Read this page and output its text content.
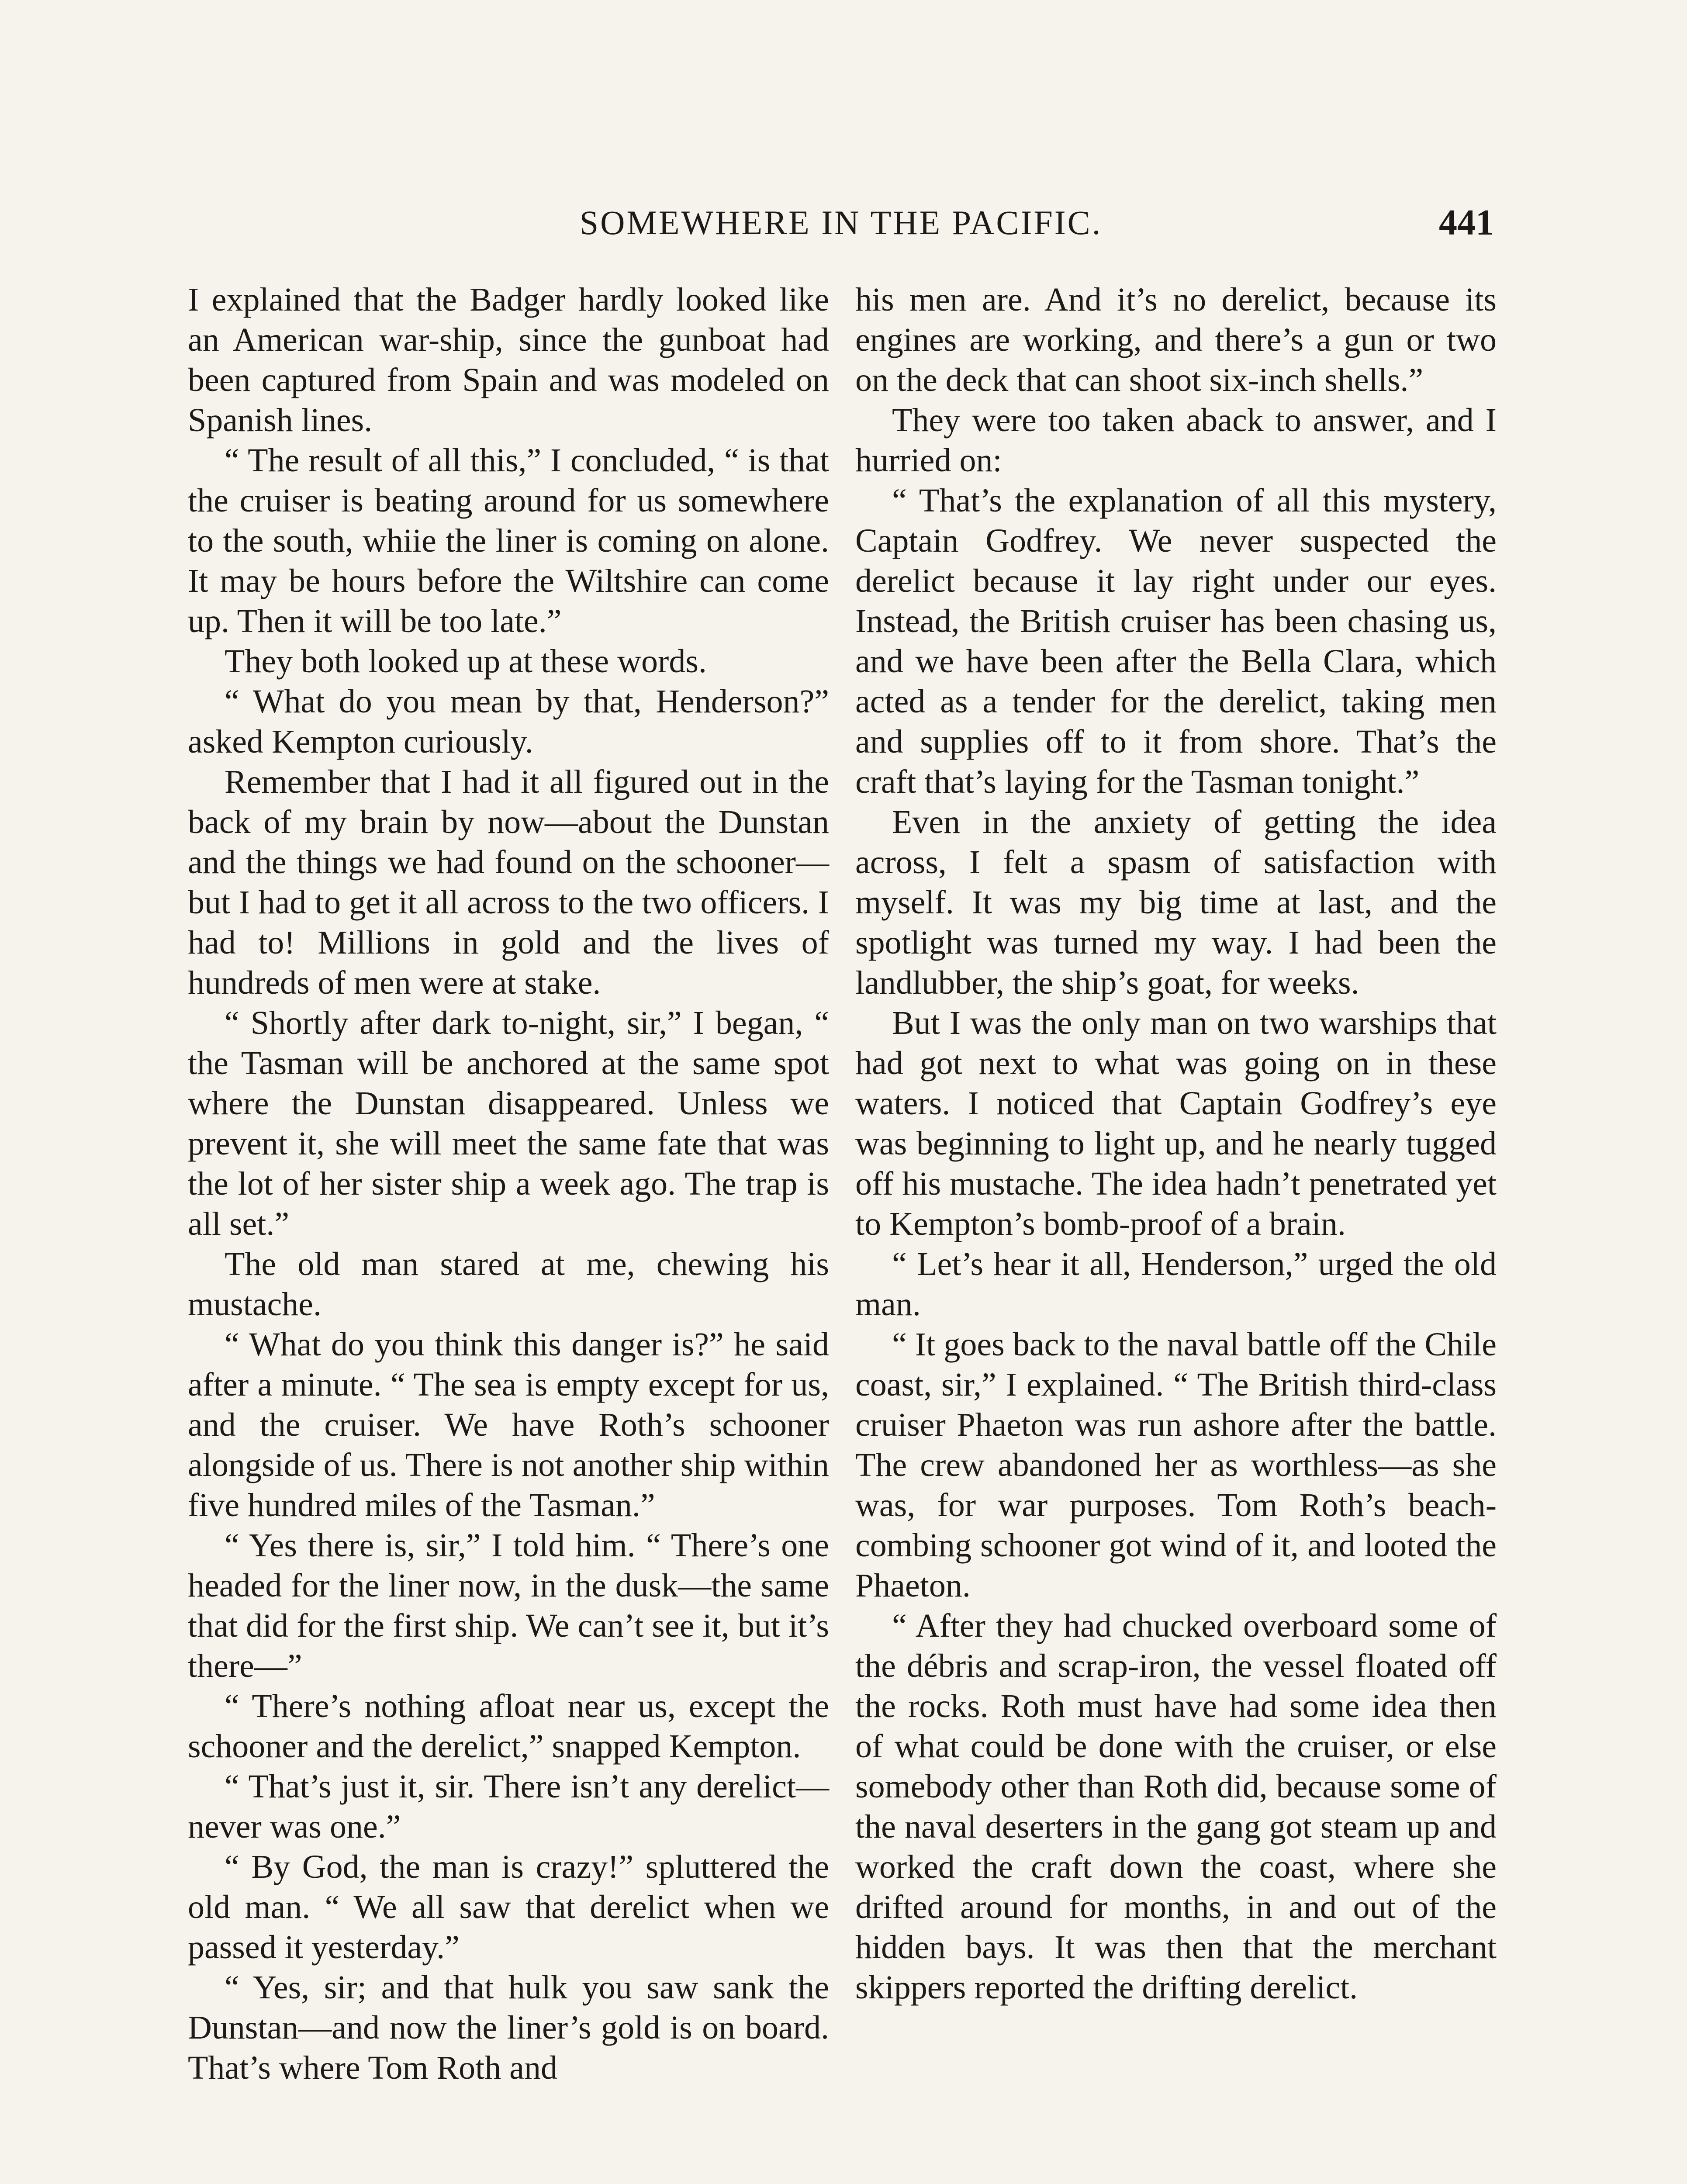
SOMEWHERE IN THE PACIFIC.	441

I explained that the Badger hardly looked like an American war-ship, since the gunboat had been captured from Spain and was modeled on Spanish lines.

“ The result of all this,” I concluded, “ is that the cruiser is beating around for us somewhere to the south, whiie the liner is coming on alone. It may be hours before the Wiltshire can come up. Then it will be too late.”

They both looked up at these words.

“ What do you mean by that, Henderson?” asked Kempton curiously.

Remember that I had it all figured out in the back of my brain by now—about the Dunstan and the things we had found on the schooner—but I had to get it all across to the two officers. I had to! Millions in gold and the lives of hundreds of men were at stake.

“ Shortly after dark to-night, sir,” I began, “ the Tasman will be anchored at the same spot where the Dunstan disappeared. Unless we prevent it, she will meet the same fate that was the lot of her sister ship a week ago. The trap is all set.”

The old man stared at me, chewing his mustache.

“ What do you think this danger is?” he said after a minute. “ The sea is empty except for us, and the cruiser. We have Roth’s schooner alongside of us. There is not another ship within five hundred miles of the Tasman.”

“ Yes there is, sir,” I told him. “ There’s one headed for the liner now, in the dusk—the same that did for the first ship. We can’t see it, but it’s there—”

“ There’s nothing afloat near us, except the schooner and the derelict,” snapped Kempton.

“ That’s just it, sir. There isn’t any derelict—never was one.”

“ By God, the man is crazy!” spluttered the old man. “ We all saw that derelict when we passed it yesterday.”

“ Yes, sir; and that hulk you saw sank the Dunstan—and now the liner’s gold is on board. That’s where Tom Roth and

his men are. And it’s no derelict, because its engines are working, and there’s a gun or two on the deck that can shoot six-inch shells.”

They were too taken aback to answer, and I hurried on:

“ That’s the explanation of all this mystery, Captain Godfrey. We never suspected the derelict because it lay right under our eyes. Instead, the British cruiser has been chasing us, and we have been after the Bella Clara, which acted as a tender for the derelict, taking men and supplies off to it from shore. That’s the craft that’s laying for the Tasman tonight.”

Even in the anxiety of getting the idea across, I felt a spasm of satisfaction with myself. It was my big time at last, and the spotlight was turned my way. I had been the landlubber, the ship’s goat, for weeks.

But I was the only man on two warships that had got next to what was going on in these waters. I noticed that Captain Godfrey’s eye was beginning to light up, and he nearly tugged off his mustache. The idea hadn’t penetrated yet to Kempton’s bomb-proof of a brain.

“ Let’s hear it all, Henderson,” urged the old man.

“ It goes back to the naval battle off the Chile coast, sir,” I explained. “ The British third-class cruiser Phaeton was run ashore after the battle. The crew abandoned her as worthless—as she was, for war purposes. Tom Roth’s beach-combing schooner got wind of it, and looted the Phaeton.

“ After they had chucked overboard some of the débris and scrap-iron, the vessel floated off the rocks. Roth must have had some idea then of what could be done with the cruiser, or else somebody other than Roth did, because some of the naval deserters in the gang got steam up and worked the craft down the coast, where she drifted around for months, in and out of the hidden bays. It was then that the merchant skippers reported the drifting derelict.
